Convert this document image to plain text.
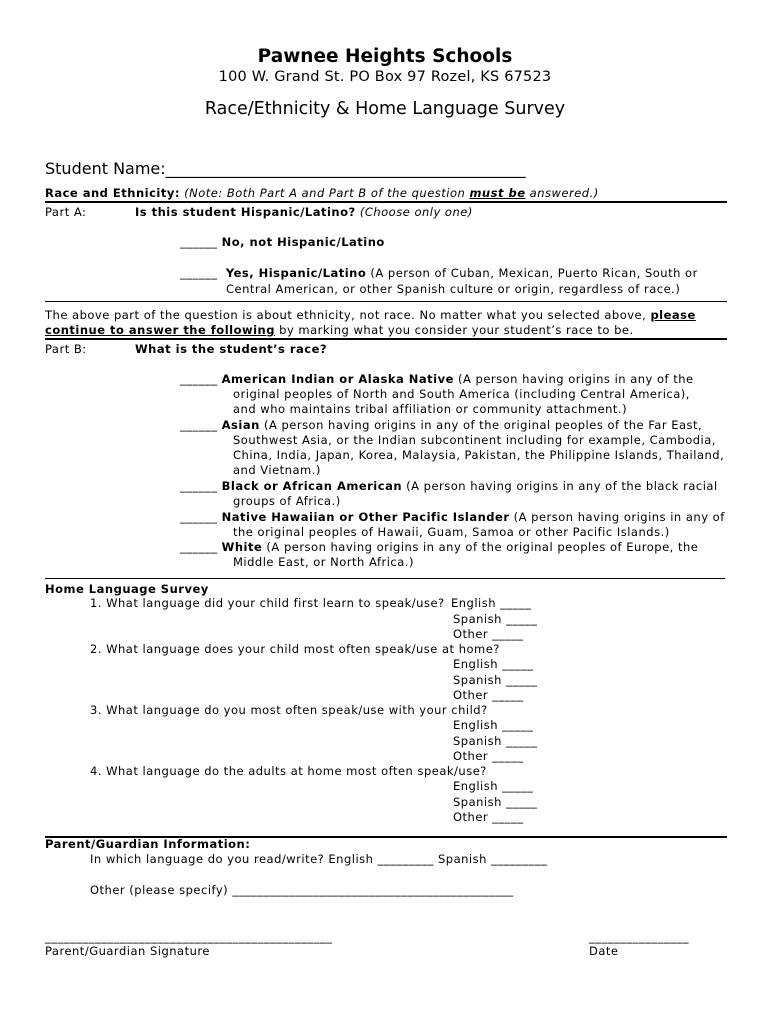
Pawnee Heights Schools
100 W. Grand St. PO Box 97 Rozel, KS 67523
Race/Ethnicity & Home Language Survey
Student Name:_____________________________________________
Race and Ethnicity: (Note: Both Part A and Part B of the question must be answered.)
Part A:	Is this student Hispanic/Latino? (Choose only one)
______ No, not Hispanic/Latino
______ Yes, Hispanic/Latino (A person of Cuban, Mexican, Puerto Rican, South or
Central American, or other Spanish culture or origin, regardless of race.)
The above part of the question is about ethnicity, not race. No matter what you selected above, please
continue to answer the following by marking what you consider your student’s race to be.
Part B:	What is the student’s race?
______ American Indian or Alaska Native (A person having origins in any of the
original peoples of North and South America (including Central America),
and who maintains tribal affiliation or community attachment.)
______ Asian (A person having origins in any of the original peoples of the Far East,
Southwest Asia, or the Indian subcontinent including for example, Cambodia,
China, India, Japan, Korea, Malaysia, Pakistan, the Philippine Islands, Thailand,
and Vietnam.)
______ Black or African American (A person having origins in any of the black racial
groups of Africa.)
______ Native Hawaiian or Other Pacific Islander (A person having origins in any of
the original peoples of Hawaii, Guam, Samoa or other Pacific Islands.)
______ White (A person having origins in any of the original peoples of Europe, the
Middle East, or North Africa.)
Home Language Survey
1. What language did your child first learn to speak/use? English _____
Spanish _____
Other _____
2. What language does your child most often speak/use at home?
English _____
Spanish _____
Other _____
3. What language do you most often speak/use with your child?
English _____
Spanish _____
Other _____
4. What language do the adults at home most often speak/use?
English _____
Spanish _____
Other _____
Parent/Guardian Information:
In which language do you read/write? English _________ Spanish _________
Other (please specify) _____________________________________________
______________________________________________
Parent/Guardian Signature
________________
Date
